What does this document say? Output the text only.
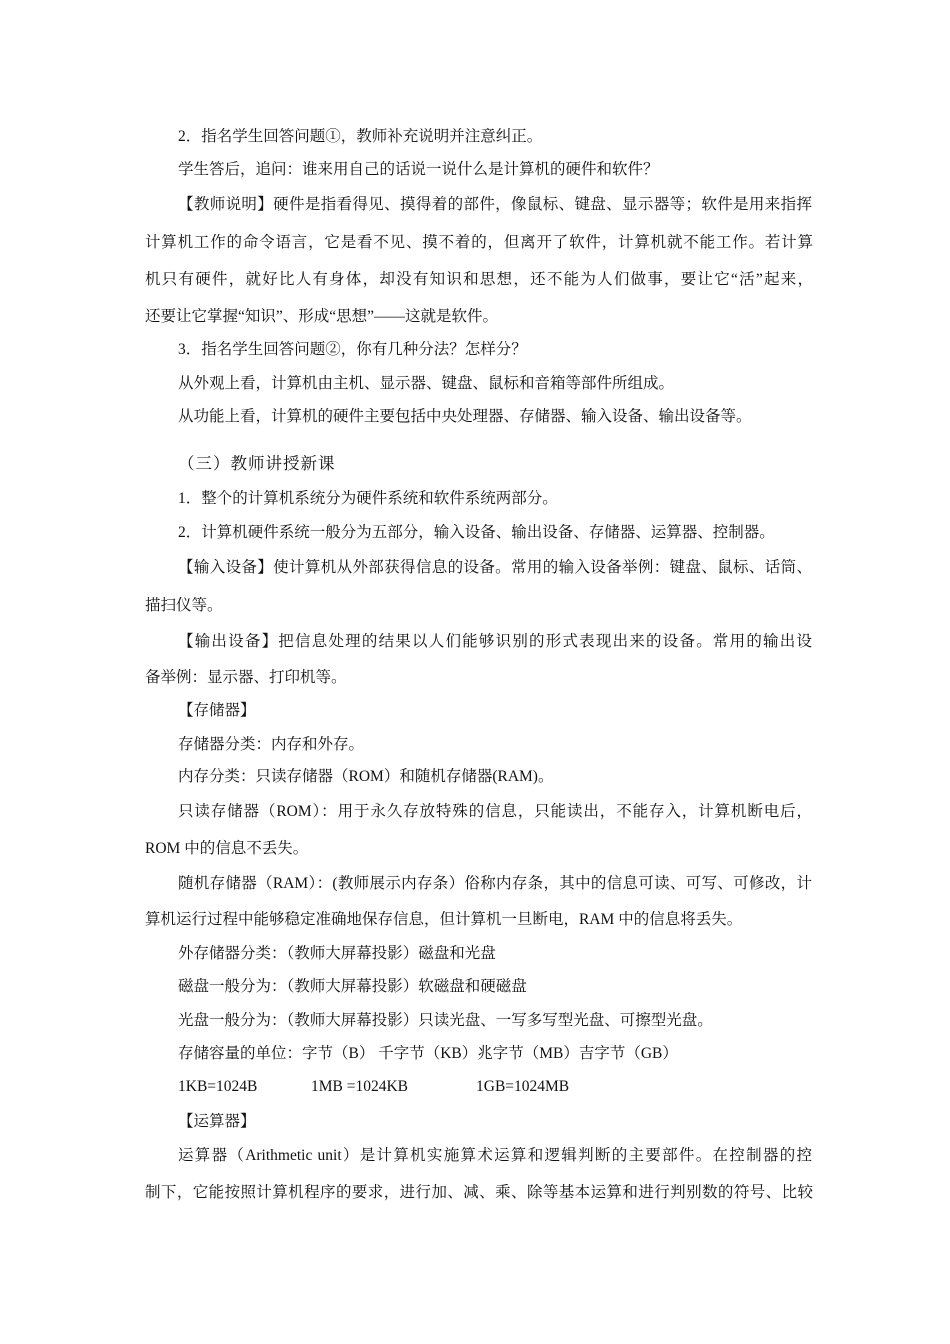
2．指名学生回答问题①，教师补充说明并注意纠正。
学生答后，追问：谁来用自己的话说一说什么是计算机的硬件和软件？
【教师说明】硬件是指看得见、摸得着的部件，像鼠标、键盘、显示器等；软件是用来指挥
计算机工作的命令语言，它是看不见、摸不着的，但离开了软件，计算机就不能工作。若计算
机只有硬件，就好比人有身体，却没有知识和思想，还不能为人们做事，要让它“活”起来，
还要让它掌握“知识”、形成“思想”——这就是软件。
3．指名学生回答问题②，你有几种分法？怎样分？
从外观上看，计算机由主机、显示器、键盘、鼠标和音箱等部件所组成。
从功能上看，计算机的硬件主要包括中央处理器、存储器、输入设备、输出设备等。
（三）教师讲授新课
1．整个的计算机系统分为硬件系统和软件系统两部分。
2．计算机硬件系统一般分为五部分，输入设备、输出设备、存储器、运算器、控制器。
【输入设备】使计算机从外部获得信息的设备。常用的输入设备举例：键盘、鼠标、话筒、
描扫仪等。
【输出设备】把信息处理的结果以人们能够识别的形式表现出来的设备。常用的输出设
备举例：显示器、打印机等。
【存储器】
存储器分类：内存和外存。
内存分类：只读存储器（ROM）和随机存储器(RAM)。
只读存储器（ROM）：用于永久存放特殊的信息，只能读出，不能存入，计算机断电后，
ROM 中的信息不丢失。
随机存储器（RAM）：(教师展示内存条）俗称内存条，其中的信息可读、可写、可修改，计
算机运行过程中能够稳定准确地保存信息，但计算机一旦断电，RAM 中的信息将丢失。
外存储器分类：（教师大屏幕投影）磁盘和光盘
磁盘一般分为：（教师大屏幕投影）软磁盘和硬磁盘
光盘一般分为：（教师大屏幕投影）只读光盘、一写多写型光盘、可擦型光盘。
存储容量的单位：字节（B） 千字节（KB）兆字节（MB）吉字节（GB）
1KB=1024B	1MB =1024KB	1GB=1024MB
【运算器】
运算器（Arithmetic unit）是计算机实施算术运算和逻辑判断的主要部件。在控制器的控
制下，它能按照计算机程序的要求，进行加、减、乘、除等基本运算和进行判别数的符号、比较
